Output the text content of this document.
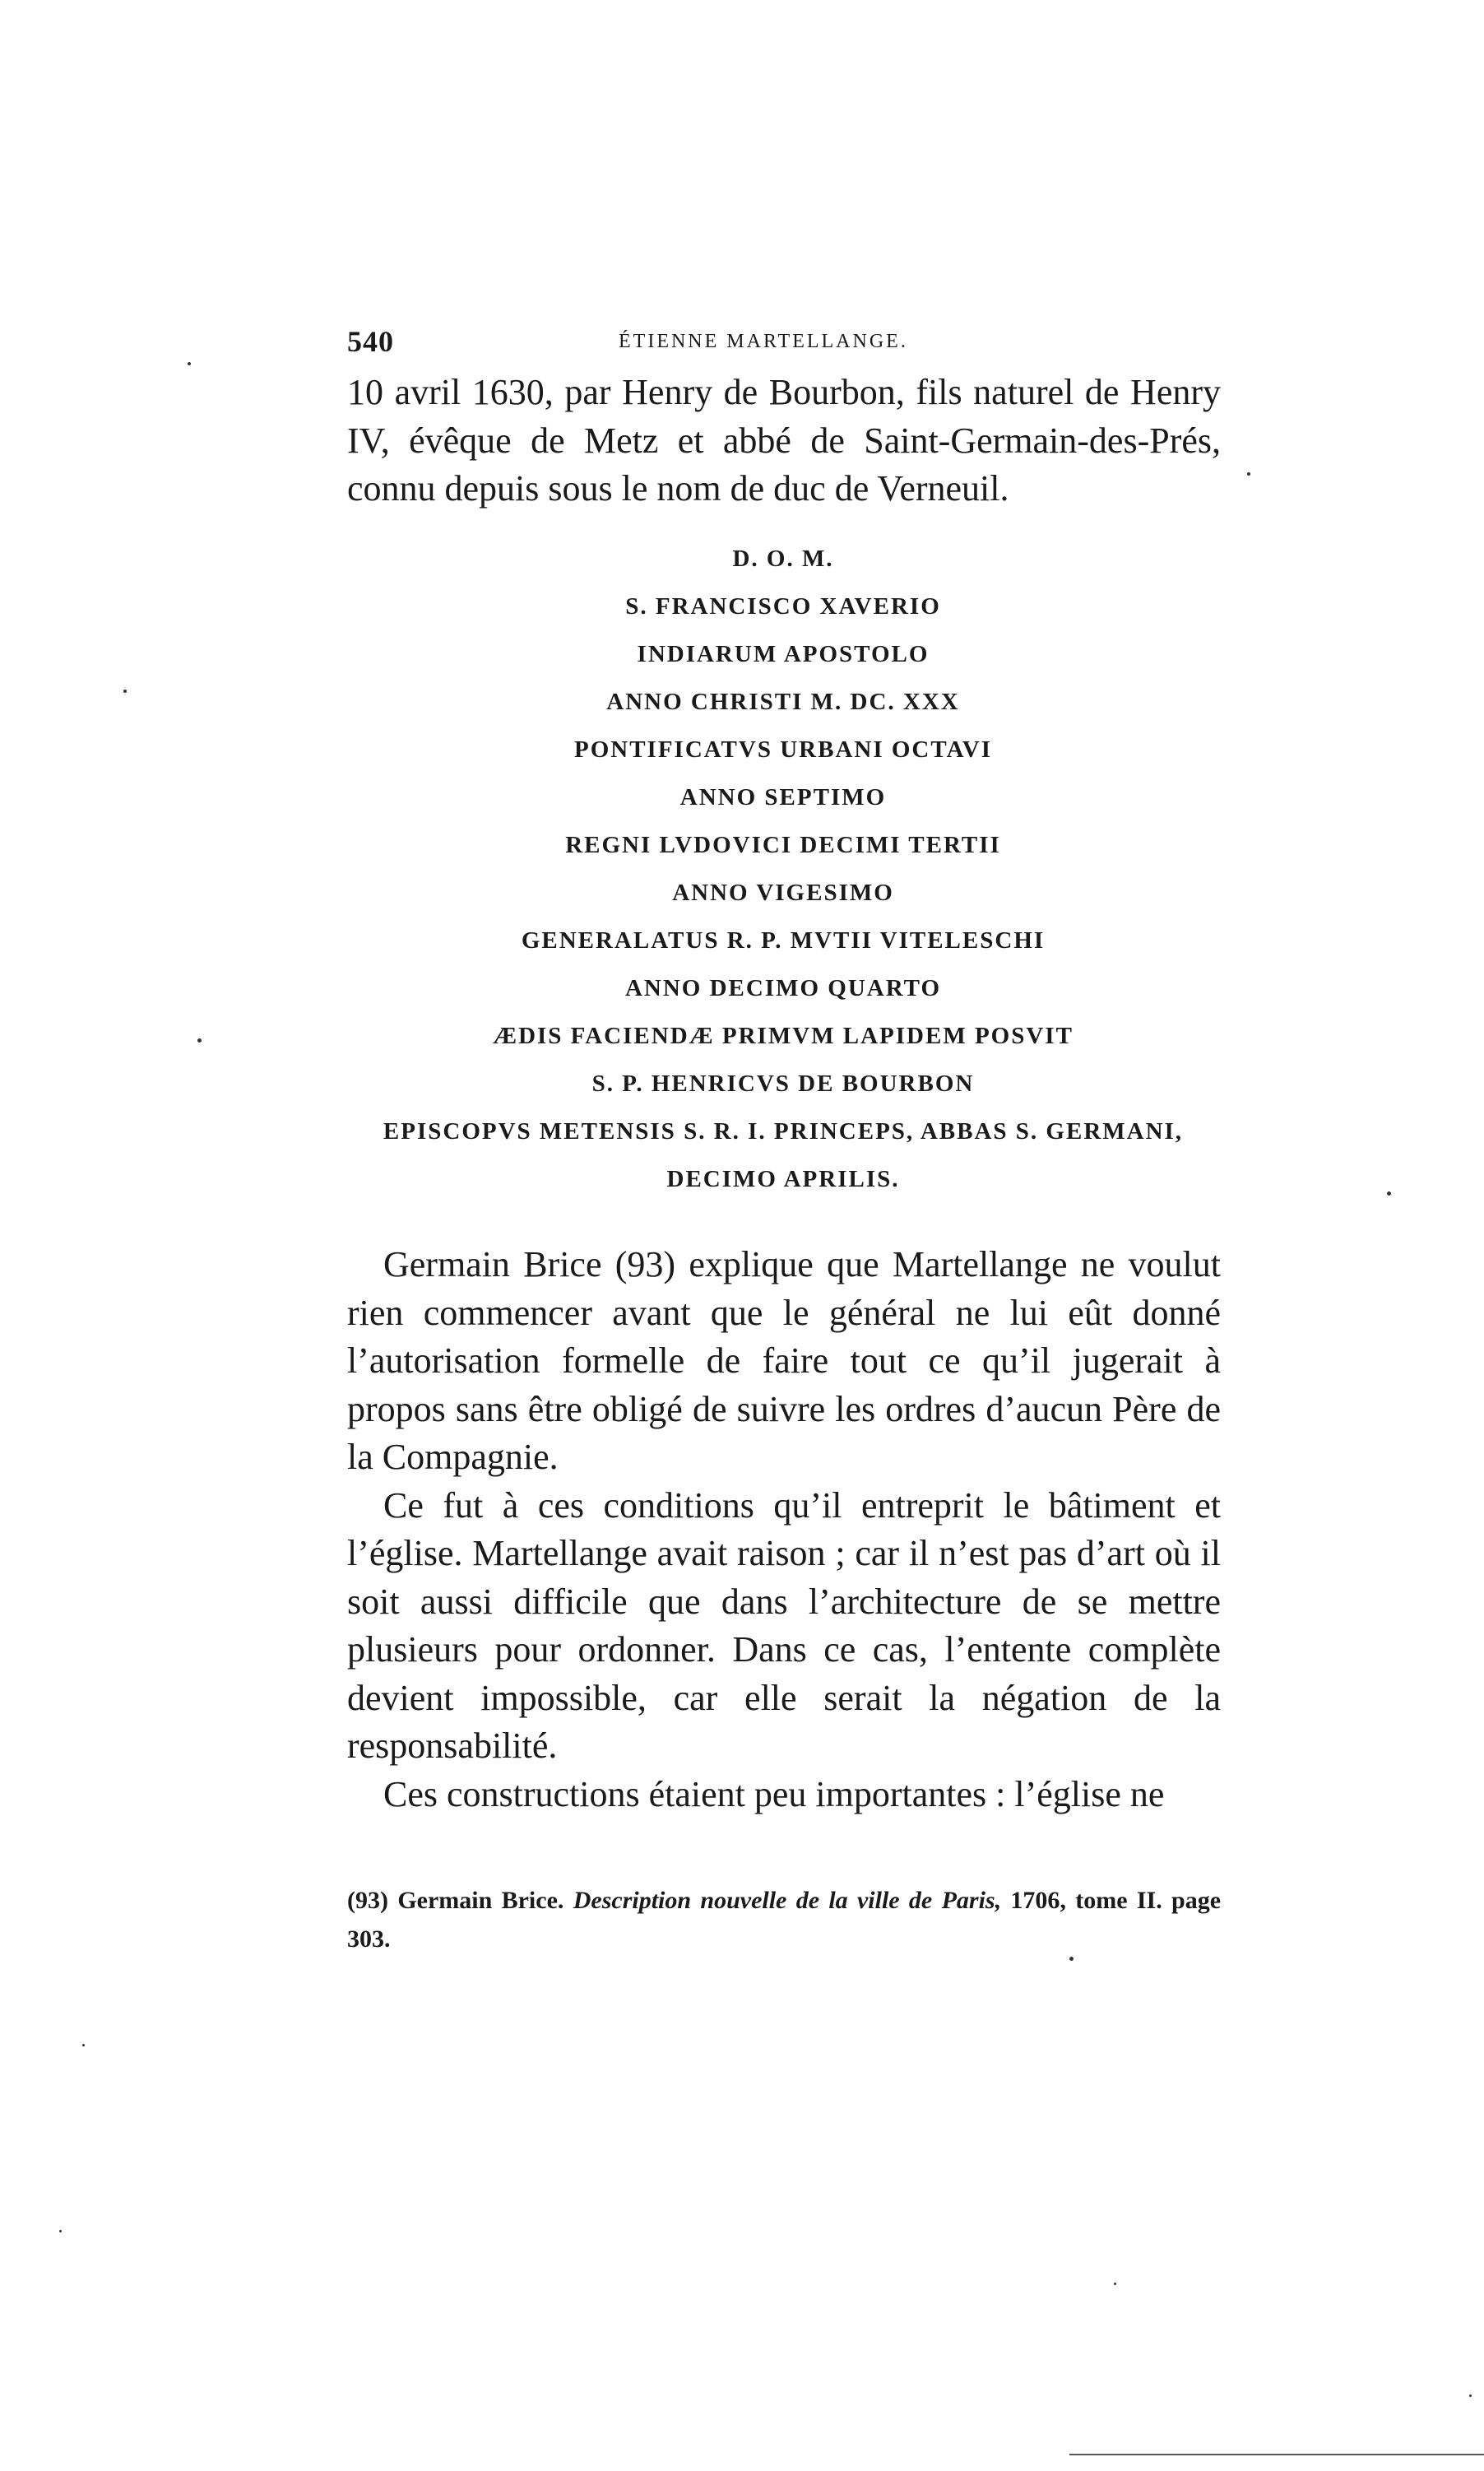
540	ÉTIENNE MARTELLANGE.
10 avril 1630, par Henry de Bourbon, fils naturel de Henry IV, évêque de Metz et abbé de Saint-Germain-des-Prés, connu depuis sous le nom de duc de Verneuil.
D. O. M.
S. FRANCISCO XAVERIO
INDIARUM APOSTOLO
ANNO CHRISTI M. DC. XXX
PONTIFICATVS URBANI OCTAVI
ANNO SEPTIMO
REGNI LVDOVICI DECIMI TERTII
ANNO VIGESIMO
GENERALATUS R. P. MVTII VITELESCHI
ANNO DECIMO QUARTO
ÆDIS FACIENDÆ PRIMVM LAPIDEM POSVIT
S. P. HENRICVS DE BOURBON
EPISCOPVS METENSIS S. R. I. PRINCEPS, ABBAS S. GERMANI,
DECIMO APRILIS.

Germain Brice (93) explique que Martellange ne voulut rien commencer avant que le général ne lui eût donné l’autorisation formelle de faire tout ce qu’il jugerait à propos sans être obligé de suivre les ordres d’aucun Père de la Compagnie.

Ce fut à ces conditions qu’il entreprit le bâtiment et l’église. Martellange avait raison ; car il n’est pas d’art où il soit aussi difficile que dans l’architecture de se mettre plusieurs pour ordonner. Dans ce cas, l’entente complète devient impossible, car elle serait la négation de la responsabilité.

Ces constructions étaient peu importantes : l’église ne

(93) Germain Brice. Description nouvelle de la ville de Paris, 1706, tome II. page 303.
